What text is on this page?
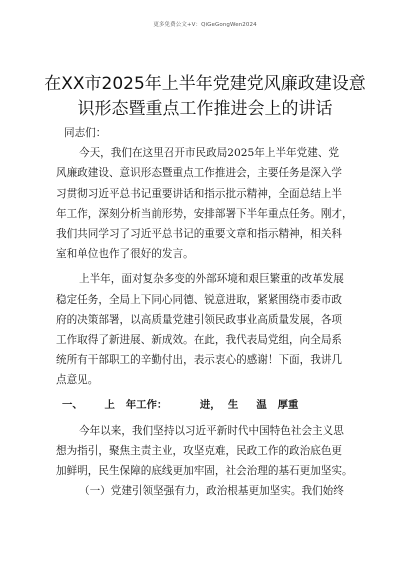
更多免费公文+V：QiGeGongWen2024
在XX市2025年上半年党建党风廉政建设意
识形态暨重点工作推进会上的讲话
同志们：
今天，我们在这里召开市民政局2025年上半年党建、党
风廉政建设、意识形态暨重点工作推进会，主要任务是深入学
习贯彻习近平总书记重要讲话和指示批示精神，全面总结上半
年工作，深刻分析当前形势，安排部署下半年重点任务。刚才，
我们共同学习了习近平总书记的重要文章和指示精神，相关科
室和单位也作了很好的发言。
上半年，面对复杂多变的外部环境和艰巨繁重的改革发展
稳定任务，全局上下同心同德、锐意进取，紧紧围绕市委市政
府的决策部署，以高质量党建引领民政事业高质量发展，各项
工作取得了新进展、新成效。在此，我代表局党组，向全局系
统所有干部职工的辛勤付出，表示衷心的感谢！下面，我讲几
点意见。
一、      上   年工作：         进，  生     温   厚重
今年以来，我们坚持以习近平新时代中国特色社会主义思
想为指引，聚焦主责主业，攻坚克难，民政工作的政治底色更
加鲜明，民生保障的底线更加牢固，社会治理的基石更加坚实。
（一）党建引领坚强有力，政治根基更加坚实。我们始终
